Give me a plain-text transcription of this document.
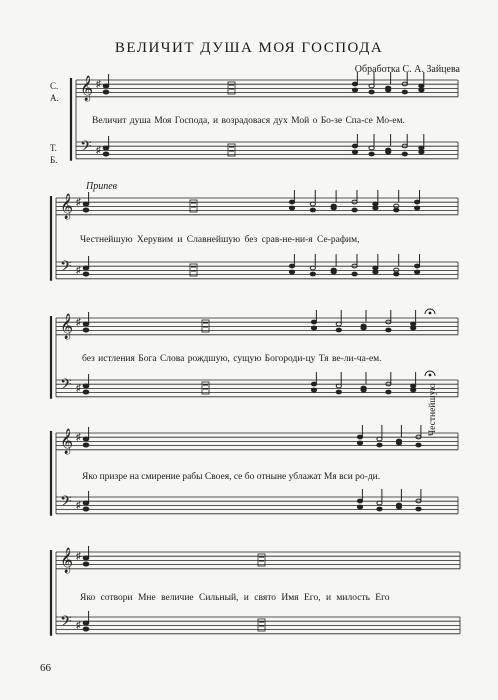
ВЕЛИЧИТ ДУША МОЯ ГОСПОДА
Обработка С. А. Зайцева
С.
А.
Т.
Б.
Припев
Величит душа Моя Господа, и возрадовася дух Мой о Бо-зе Спа-се Мо-ем.
Честнейшую Херувим и Славнейшую без срав-не-ни-я Се-рафим,
без истления Бога Слова рождшую, сущую Богороди-цу Тя ве-ли-ча-ем.
Яко призре на смирение рабы Своея, се бо отныне ублажат Мя вси ро-ди.
Яко сотвори Мне величие Сильный, и свято Имя Его, и милость Его
Честнейшую
66
𝄞 ♯
𝄢 ♯
𝄞 ♯
𝄢 ♯
𝄞 ♯
𝄢 ♯
𝄞 ♯
𝄢 ♯
𝄞 ♯
𝄢 ♯
